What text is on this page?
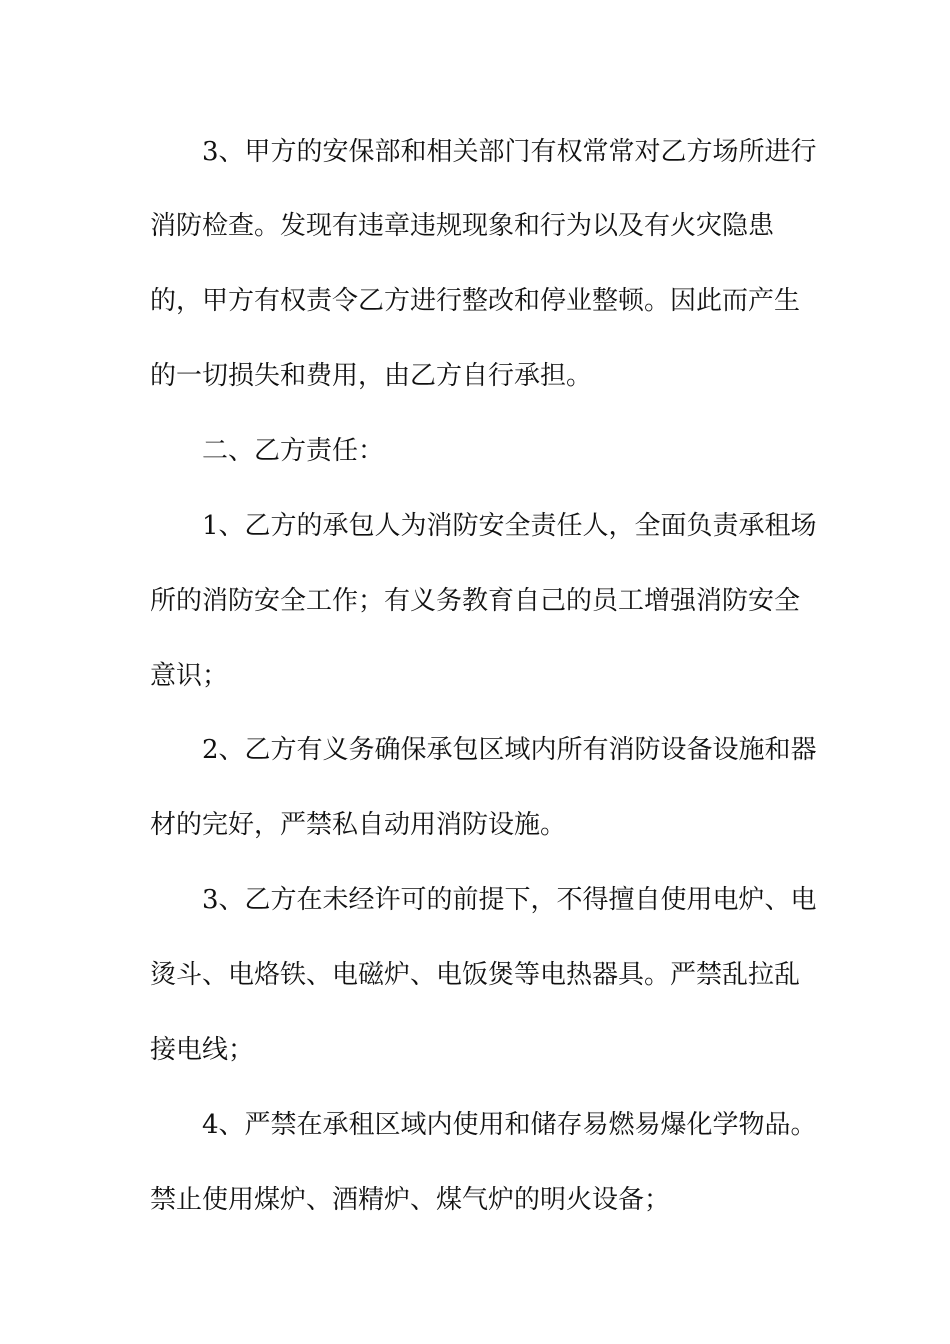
3、甲方的安保部和相关部门有权常常对乙方场所进行
消防检查。发现有违章违规现象和行为以及有火灾隐患
的，甲方有权责令乙方进行整改和停业整顿。因此而产生
的一切损失和费用，由乙方自行承担。
二、乙方责任：
1、乙方的承包人为消防安全责任人，全面负责承租场
所的消防安全工作；有义务教育自己的员工增强消防安全
意识；
2、乙方有义务确保承包区域内所有消防设备设施和器
材的完好，严禁私自动用消防设施。
3、乙方在未经许可的前提下，不得擅自使用电炉、电
烫斗、电烙铁、电磁炉、电饭煲等电热器具。严禁乱拉乱
接电线；
4、严禁在承租区域内使用和储存易燃易爆化学物品。
禁止使用煤炉、酒精炉、煤气炉的明火设备；
